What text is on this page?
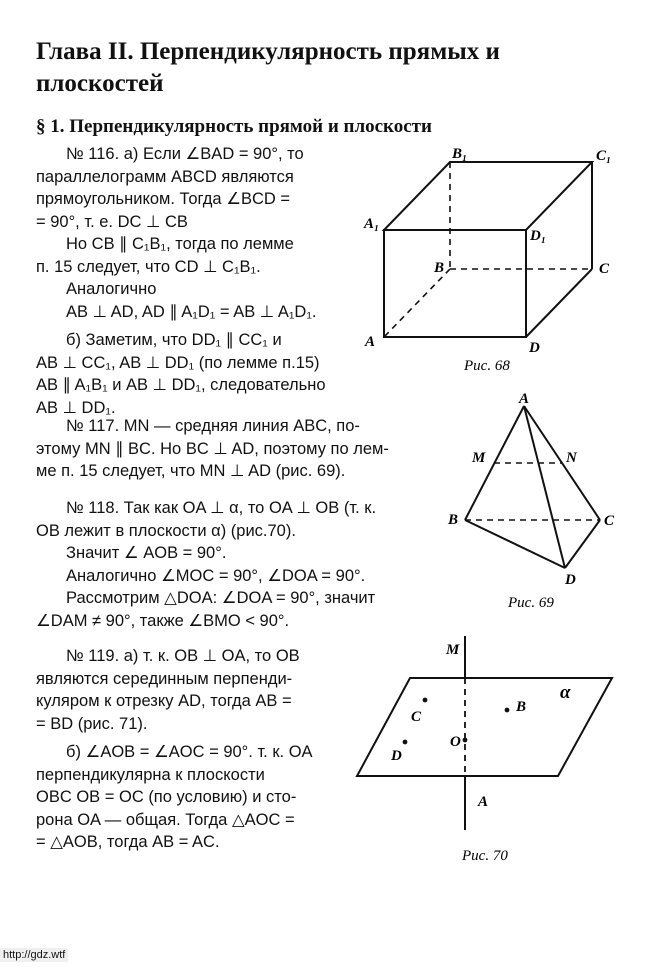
Глава II. Перпендикулярность прямых и плоскостей
§ 1. Перпендикулярность прямой и плоскости

№ 116. а) Если ∠BAD = 90°, то

параллелограмм ABCD являются

прямоугольником. Тогда ∠BCD =

= 90°, т. е. DC ⊥ CB

Но CB ∥ C₁B₁, тогда по лемме

п. 15 следует, что CD ⊥ C₁B₁.

Аналогично

AB ⊥ AD, AD ∥ A₁D₁ = AB ⊥ A₁D₁.

б) Заметим, что DD₁ ∥ CC₁ и

AB ⊥ CC₁, AB ⊥ DD₁ (по лемме п.15)

AB ∥ A₁B₁ и AB ⊥ DD₁, следовательно

AB ⊥ DD₁.

№ 117. MN — средняя линия ABC, по-

этому MN ∥ BC. Но BC ⊥ AD, поэтому по лем-

ме п. 15 следует, что MN ⊥ AD (рис. 69).

№ 118. Так как OA ⊥ α, то OA ⊥ OB (т. к.

OB лежит в плоскости α) (рис.70).

Значит ∠ AOB = 90°.

Аналогично ∠MOC = 90°, ∠DOA = 90°.

Рассмотрим △DOA: ∠DOA = 90°, значит

∠DAM ≠ 90°, также ∠BMO < 90°.

№ 119. а) т. к. OB ⊥ OA, то OB

являются серединным перпенди-

куляром к отрезку AD, тогда AB =

= BD (рис. 71).

б) ∠AOB = ∠AOC = 90°. т. к. OA

перпендикулярна к плоскости

OBC OB = OC (по условию) и сто-

рона OA — общая. Тогда △AOC =

= △AOB, тогда AB = AC.

B₁	C₁
A₁
D₁
B	C
A	D
Рис. 68
A
M	N
B	C
D
Рис. 69
M
α
C
B
O
D
A
Рис. 70
http://gdz.wtf
